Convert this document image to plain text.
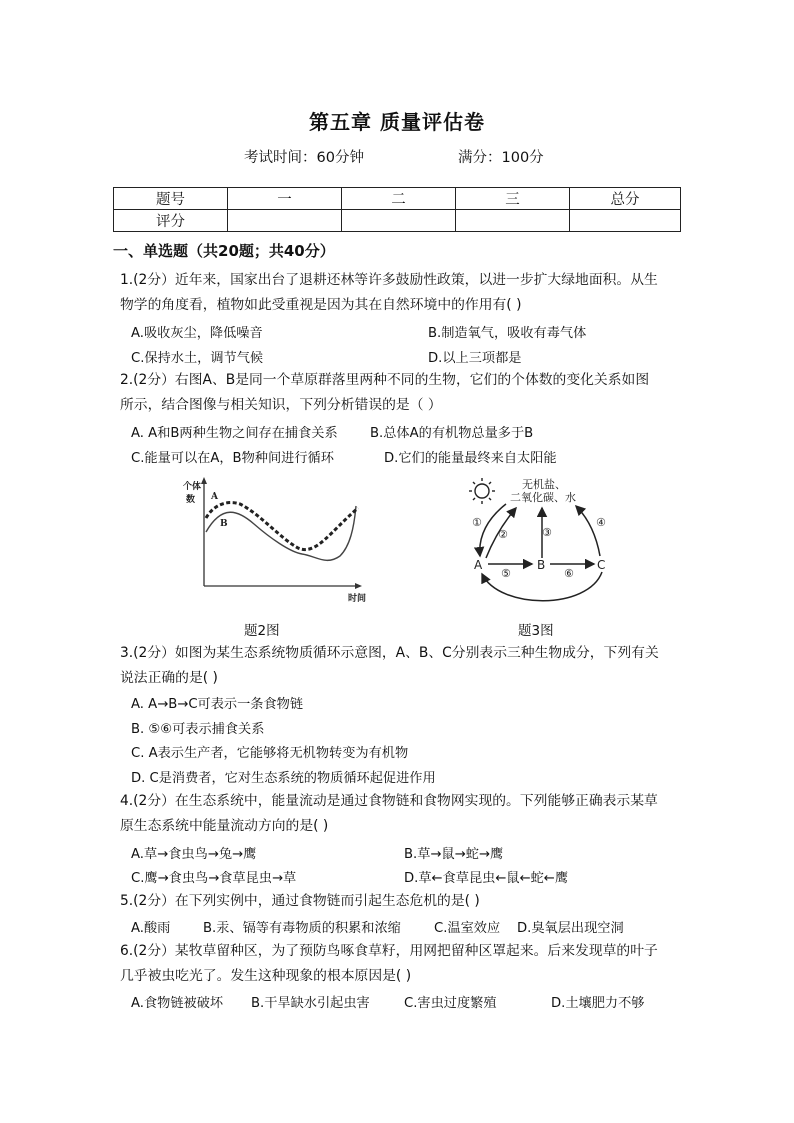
第五章 质量评估卷
考试时间：60分钟	满分：100分
题号	一	二	三	总分
评分				
一、单选题（共20题；共40分）
1.(2分）近年来，国家出台了退耕还林等许多鼓励性政策，以进一步扩大绿地面积。从生
物学的角度看，植物如此受重视是因为其在自然环境中的作用有( )
A.吸收灰尘，降低噪音	B.制造氧气，吸收有毒气体
C.保持水土，调节气候	D.以上三项都是
2.(2分）右图A、B是同一个草原群落里两种不同的生物，它们的个体数的变化关系如图
所示，结合图像与相关知识，下列分析错误的是（ ）
A. A和B两种生物之间存在捕食关系 B.总体A的有机物总量多于B
C.能量可以在A，B物种间进行循环	D.它们的能量最终来自太阳能
个体
数 A
B
时间
题2图
无机盐、
二氧化碳、水
A	B	C
①
②	③
④
⑤	⑥
题3图
3.(2分）如图为某生态系统物质循环示意图，A、B、C分别表示三种生物成分，下列有关
说法正确的是( )
A. A→B→C可表示一条食物链
B. ⑤⑥可表示捕食关系
C. A表示生产者，它能够将无机物转变为有机物
D. C是消费者，它对生态系统的物质循环起促进作用
4.(2分）在生态系统中，能量流动是通过食物链和食物网实现的。下列能够正确表示某草
原生态系统中能量流动方向的是( )
A.草→食虫鸟→兔→鹰	B.草→鼠→蛇→鹰
C.鹰→食虫鸟→食草昆虫→草	D.草←食草昆虫←鼠←蛇←鹰
5.(2分）在下列实例中，通过食物链而引起生态危机的是( )
A.酸雨 B.汞、镉等有毒物质的积累和浓缩	C.温室效应 D.臭氧层出现空洞
6.(2分）某牧草留种区，为了预防鸟啄食草籽，用网把留种区罩起来。后来发现草的叶子
几乎被虫吃光了。发生这种现象的根本原因是( )
A.食物链被破坏 B.干旱缺水引起虫害	C.害虫过度繁殖	D.土壤肥力不够
